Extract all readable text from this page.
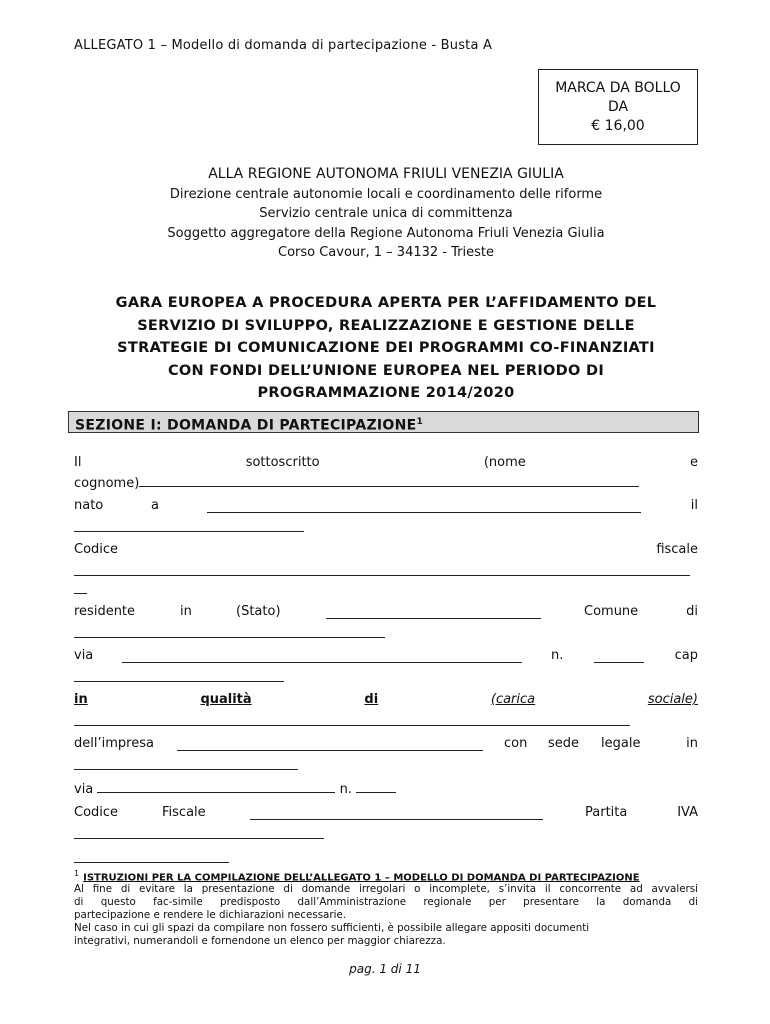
ALLEGATO 1 – Modello di domanda di partecipazione - Busta A
MARCA DA BOLLO
DA
€ 16,00
ALLA REGIONE AUTONOMA FRIULI VENEZIA GIULIA
Direzione centrale autonomie locali e coordinamento delle riforme
Servizio centrale unica di committenza
Soggetto aggregatore della Regione Autonoma Friuli Venezia Giulia
Corso Cavour, 1 – 34132 - Trieste
GARA EUROPEA A PROCEDURA APERTA PER L’AFFIDAMENTO DEL
SERVIZIO DI SVILUPPO, REALIZZAZIONE E GESTIONE DELLE
STRATEGIE DI COMUNICAZIONE DEI PROGRAMMI CO-FINANZIATI
CON FONDI DELL’UNIONE EUROPEA NEL PERIODO DI
PROGRAMMAZIONE 2014/2020
SEZIONE I: DOMANDA DI PARTECIPAZIONE$^1$
Il	sottoscritto	(nome	e
cognome)
nato	a	il
Codice	fiscale
__
residente	in	(Stato)	Comune	di
via	n.	cap
in	qualità	di	(carica	sociale)
dell’impresa	con sede legale	in
via	n.
Codice	Fiscale	Partita	IVA
$^1$ ISTRUZIONI PER LA COMPILAZIONE DELL’ALLEGATO 1 – MODELLO DI DOMANDA DI PARTECIPAZIONE
Al fine di evitare la presentazione di domande irregolari o incomplete, s’invita il concorrente ad avvalersi
di questo fac-simile predisposto dall’Amministrazione regionale per presentare la domanda di
partecipazione e rendere le dichiarazioni necessarie.
Nel caso in cui gli spazi da compilare non fossero sufficienti, è possibile allegare appositi documenti
integrativi, numerandoli e fornendone un elenco per maggior chiarezza.
pag. 1 di 11
